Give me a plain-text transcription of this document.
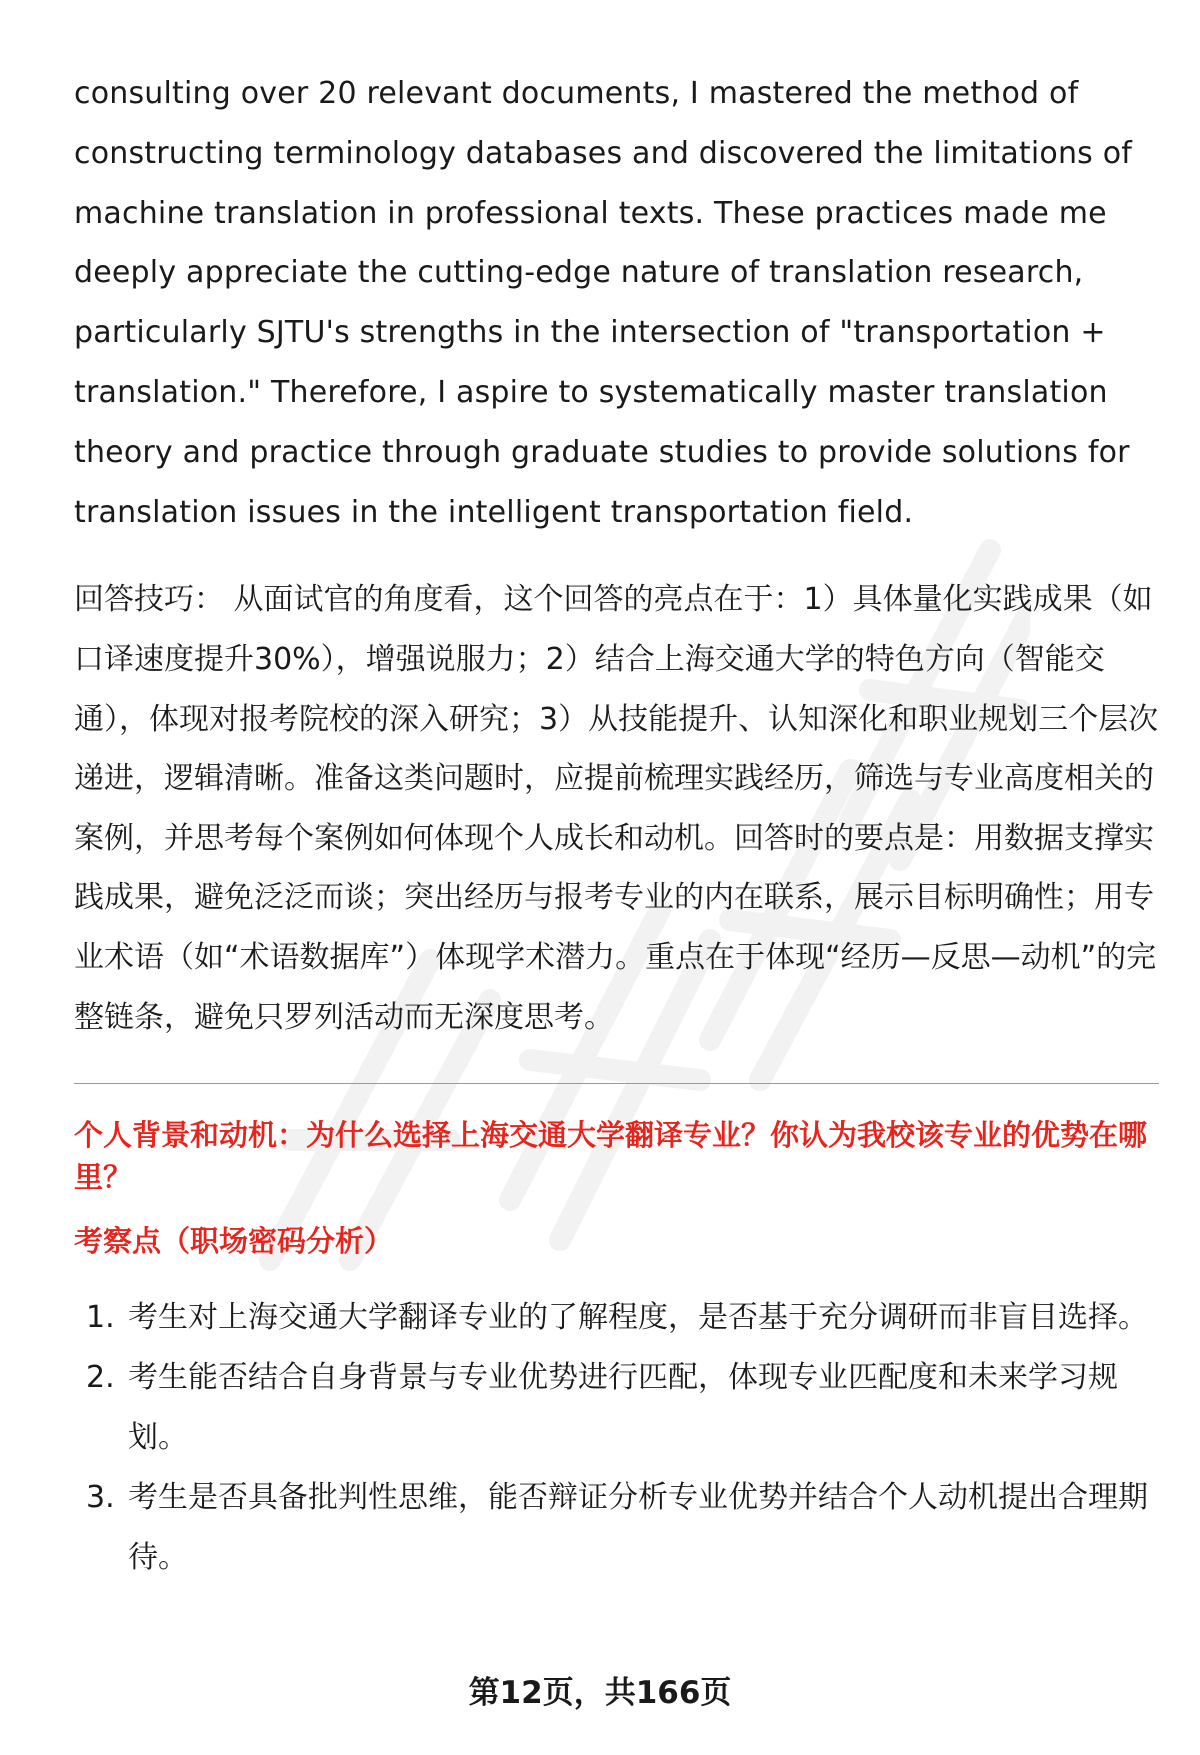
consulting over 20 relevant documents, I mastered the method of constructing terminology databases and discovered the limitations of machine translation in professional texts. These practices made me deeply appreciate the cutting-edge nature of translation research, particularly SJTU's strengths in the intersection of "transportation + translation." Therefore, I aspire to systematically master translation theory and practice through graduate studies to provide solutions for translation issues in the intelligent transportation field.

回答技巧： 从面试官的角度看，这个回答的亮点在于：1）具体量化实践成果（如口译速度提升30%），增强说服力；2）结合上海交通大学的特色方向（智能交通），体现对报考院校的深入研究；3）从技能提升、认知深化和职业规划三个层次递进，逻辑清晰。准备这类问题时，应提前梳理实践经历，筛选与专业高度相关的案例，并思考每个案例如何体现个人成长和动机。回答时的要点是：用数据支撑实践成果，避免泛泛而谈；突出经历与报考专业的内在联系，展示目标明确性；用专业术语（如“术语数据库”）体现学术潜力。重点在于体现“经历—反思—动机”的完整链条，避免只罗列活动而无深度思考。
个人背景和动机：为什么选择上海交通大学翻译专业？你认为我校该专业的优势在哪里？
考察点（职场密码分析）
1. 考生对上海交通大学翻译专业的了解程度，是否基于充分调研而非盲目选择。
2. 考生能否结合自身背景与专业优势进行匹配，体现专业匹配度和未来学习规划。
3. 考生是否具备批判性思维，能否辩证分析专业优势并结合个人动机提出合理期待。
第12页，共166页
